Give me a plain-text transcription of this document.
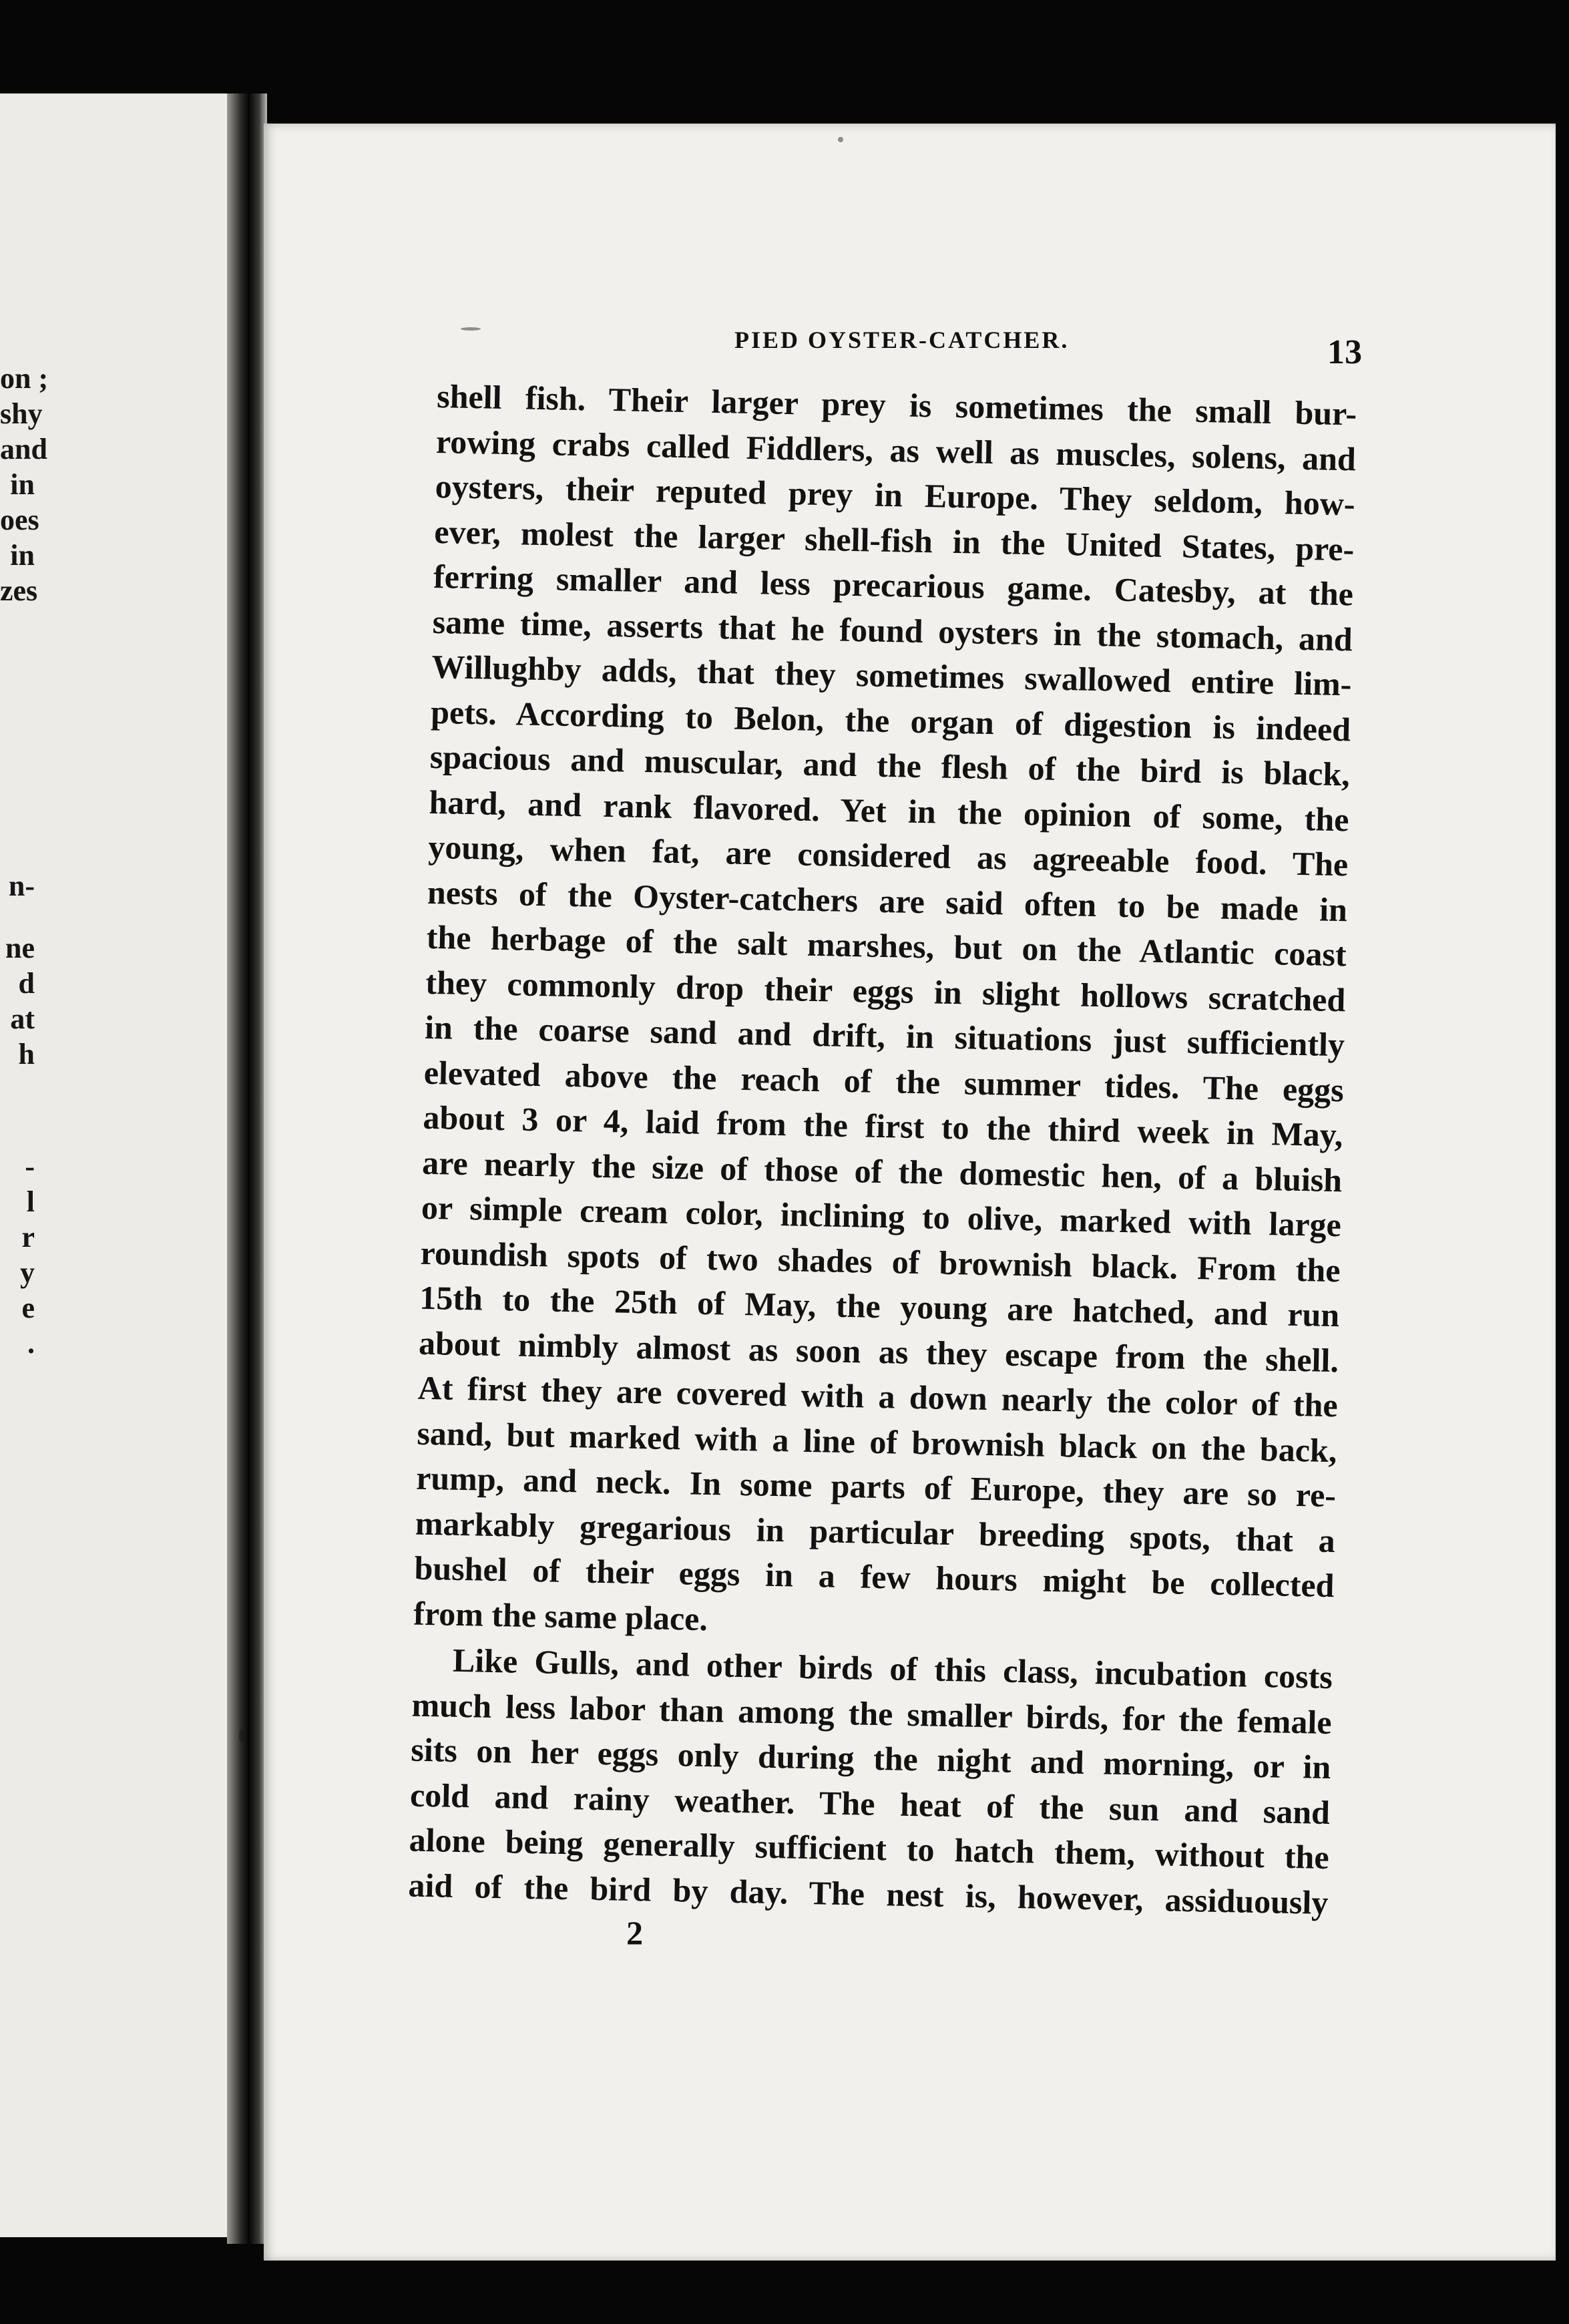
on ;
shy
and
in
oes
in
zes
n-
ne
d
at
h
-
l
r
y
e
.
PIED OYSTER-CATCHER.	13
shell fish. Their larger prey is sometimes the small bur-
rowing crabs called Fiddlers, as well as muscles, solens, and
oysters, their reputed prey in Europe. They seldom, how-
ever, molest the larger shell-fish in the United States, pre-
ferring smaller and less precarious game. Catesby, at the
same time, asserts that he found oysters in the stomach, and
Willughby adds, that they sometimes swallowed entire lim-
pets. According to Belon, the organ of digestion is indeed
spacious and muscular, and the flesh of the bird is black,
hard, and rank flavored. Yet in the opinion of some, the
young, when fat, are considered as agreeable food. The
nests of the Oyster-catchers are said often to be made in
the herbage of the salt marshes, but on the Atlantic coast
they commonly drop their eggs in slight hollows scratched
in the coarse sand and drift, in situations just sufficiently
elevated above the reach of the summer tides. The eggs
about 3 or 4, laid from the first to the third week in May,
are nearly the size of those of the domestic hen, of a bluish
or simple cream color, inclining to olive, marked with large
roundish spots of two shades of brownish black. From the
15th to the 25th of May, the young are hatched, and run
about nimbly almost as soon as they escape from the shell.
At first they are covered with a down nearly the color of the
sand, but marked with a line of brownish black on the back,
rump, and neck. In some parts of Europe, they are so re-
markably gregarious in particular breeding spots, that a
bushel of their eggs in a few hours might be collected
from the same place.
Like Gulls, and other birds of this class, incubation costs
much less labor than among the smaller birds, for the female
sits on her eggs only during the night and morning, or in
cold and rainy weather. The heat of the sun and sand
alone being generally sufficient to hatch them, without the
aid of the bird by day. The nest is, however, assiduously
2
